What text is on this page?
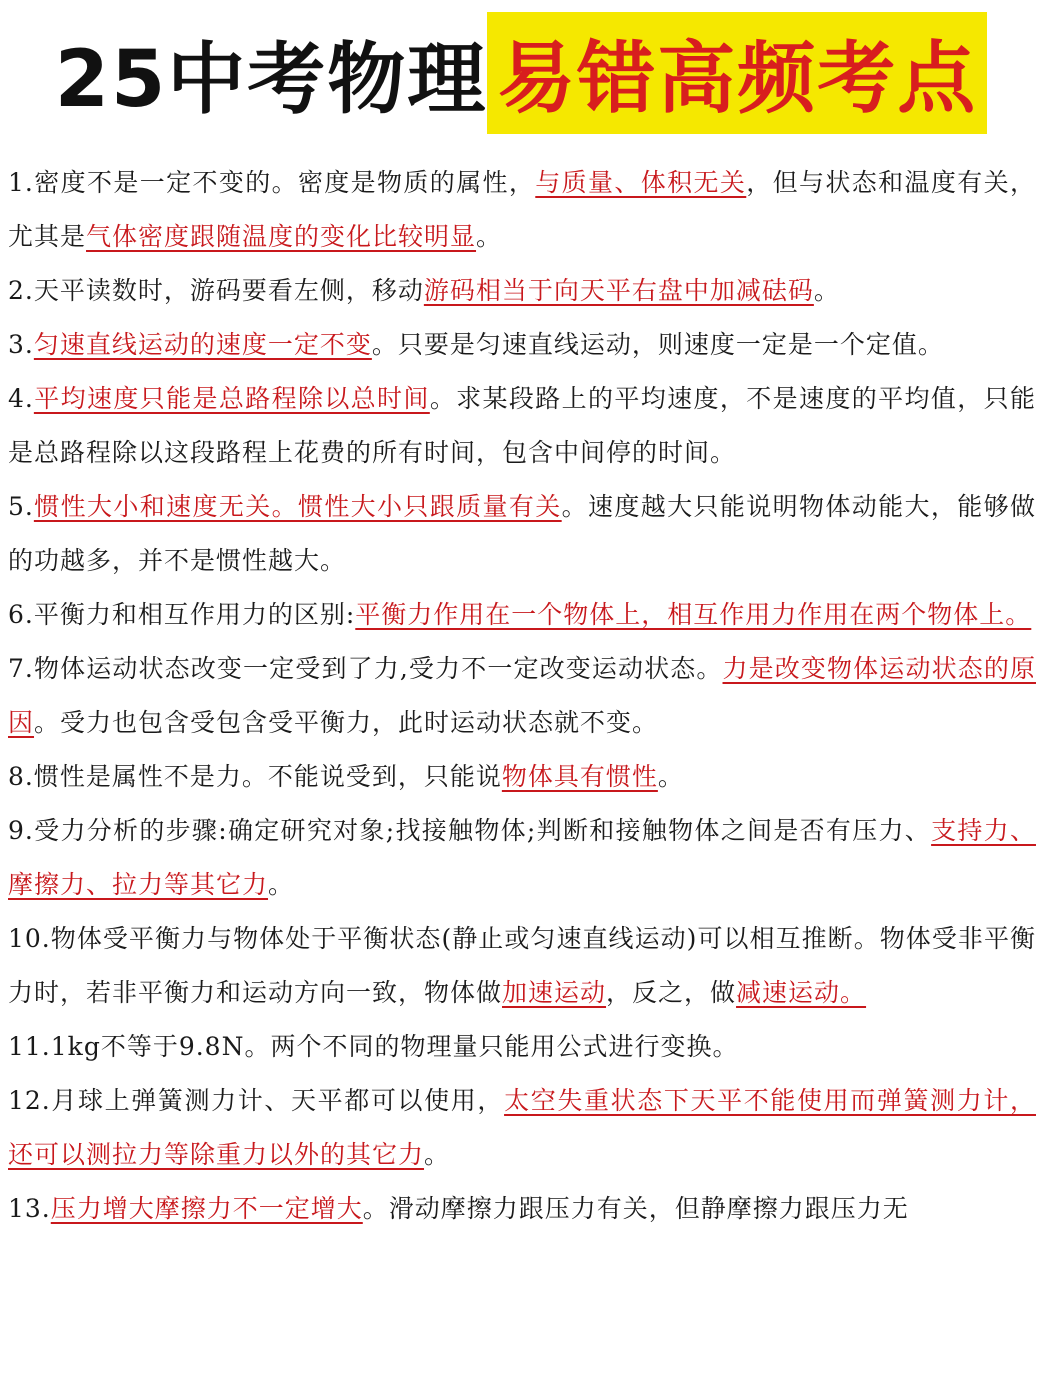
25中考物理 易错高频考点

1.密度不是一定不变的。密度是物质的属性，与质量、体积无关，但与状态和温度有关，尤其是气体密度跟随温度的变化比较明显。

2.天平读数时，游码要看左侧，移动游码相当于向天平右盘中加减砝码。

3.匀速直线运动的速度一定不变。只要是匀速直线运动，则速度一定是一个定值。

4.平均速度只能是总路程除以总时间。求某段路上的平均速度，不是速度的平均值，只能是总路程除以这段路程上花费的所有时间，包含中间停的时间。

5.惯性大小和速度无关。惯性大小只跟质量有关。速度越大只能说明物体动能大，能够做的功越多，并不是惯性越大。

6.平衡力和相互作用力的区别:平衡力作用在一个物体上，相互作用力作用在两个物体上。

7.物体运动状态改变一定受到了力,受力不一定改变运动状态。力是改变物体运动状态的原因。受力也包含受包含受平衡力，此时运动状态就不变。

8.惯性是属性不是力。不能说受到，只能说物体具有惯性。

9.受力分析的步骤:确定研究对象;找接触物体;判断和接触物体之间是否有压力、支持力、摩擦力、拉力等其它力。

10.物体受平衡力与物体处于平衡状态(静止或匀速直线运动)可以相互推断。物体受非平衡力时，若非平衡力和运动方向一致，物体做加速运动，反之，做减速运动。

11.1kg不等于9.8N。两个不同的物理量只能用公式进行变换。

12.月球上弹簧测力计、天平都可以使用，太空失重状态下天平不能使用而弹簧测力计，还可以测拉力等除重力以外的其它力。

13.压力增大摩擦力不一定增大。滑动摩擦力跟压力有关，但静摩擦力跟压力无
